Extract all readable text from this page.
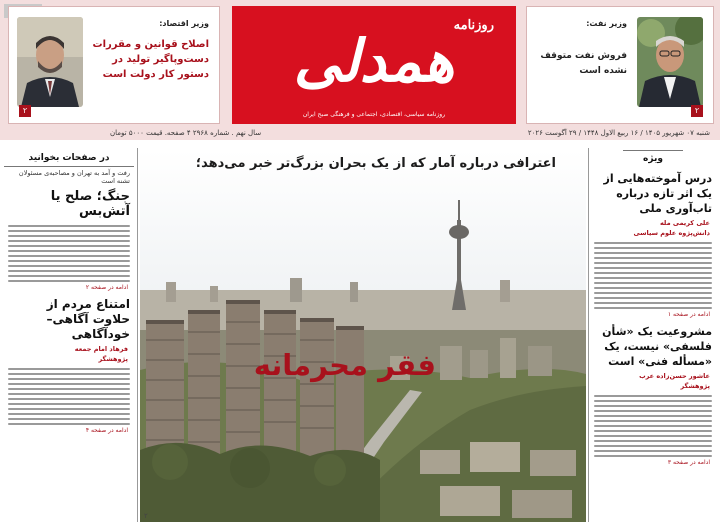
وزیر اقتصاد:
اصلاح قوانین و مقررات دست‌وپاگیر تولید در دستور کار دولت است
۲
روزنامه
همدلی
روزنامه سیاسی، اقتصادی، اجتماعی و فرهنگی صبح ایران
وزیر نفت:
فروش نفت متوقف نشده است
۲
شنبه ۰۷ شهریور ۱۴۰۵ / ۱۶ ربیع الاول ۱۴۴۸ / ۲۹ آگوست ۲۰۲۶
سال نهم . شماره ۲۹۶۸ ۴ صفحه. قیمت ۵۰۰۰ تومان
ویژه
درس آموخته‌هایی از یک اثر تازه درباره تاب‌آوری ملی
علی کریمی مله
دانش‌پژوه علوم سیاسی
ادامه در صفحه ۱
مشروعیت یک «شأن فلسفی» نیست، یک «مسأله فنی» است
عاشور حسن‌زاده عرب
پژوهشگر
ادامه در صفحه ۳
در صفحات بخوانید
رفت و آمد به تهران و مصاحبه‌ی مسئولان تشنه است
جنگ؛ صلح یا آتش‌بس
ادامه در صفحه ۲
امتناع مردم از حلاوت آگاهی– خودآگاهی
فرهاد امام جمعه
پژوهشگر
ادامه در صفحه ۴
اعترافی درباره آمار که از یک بحران بزرگ‌تر خبر می‌دهد؛
فقر محرمانه
۲
